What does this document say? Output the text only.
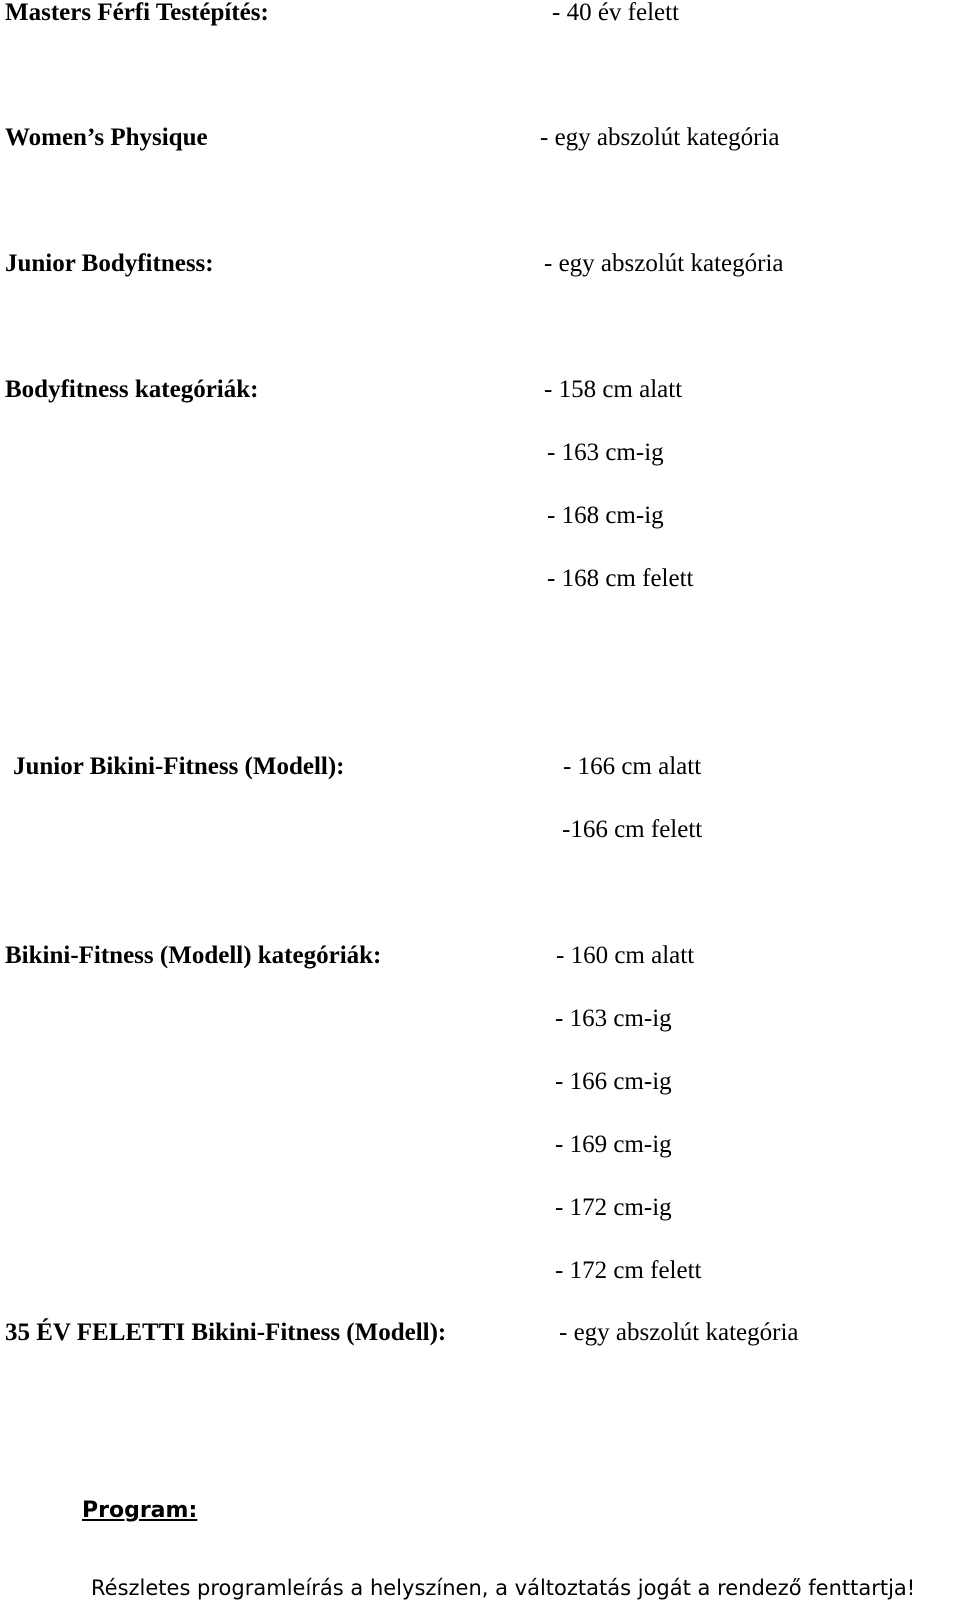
Masters Férfi Testépítés:	- 40 év felett
Women’s Physique	- egy abszolút kategória
Junior Bodyfitness:	- egy abszolút kategória
Bodyfitness kategóriák:	- 158 cm alatt
- 163 cm-ig
- 168 cm-ig
- 168 cm felett
Junior Bikini-Fitness (Modell):	- 166 cm alatt
-166 cm felett
Bikini-Fitness (Modell) kategóriák:	- 160 cm alatt
- 163 cm-ig
- 166 cm-ig
- 169 cm-ig
- 172 cm-ig
- 172 cm felett
35 ÉV FELETTI Bikini-Fitness (Modell):	- egy abszolút kategória
Program:
Részletes programleírás a helyszínen, a változtatás jogát a rendező fenttartja!
